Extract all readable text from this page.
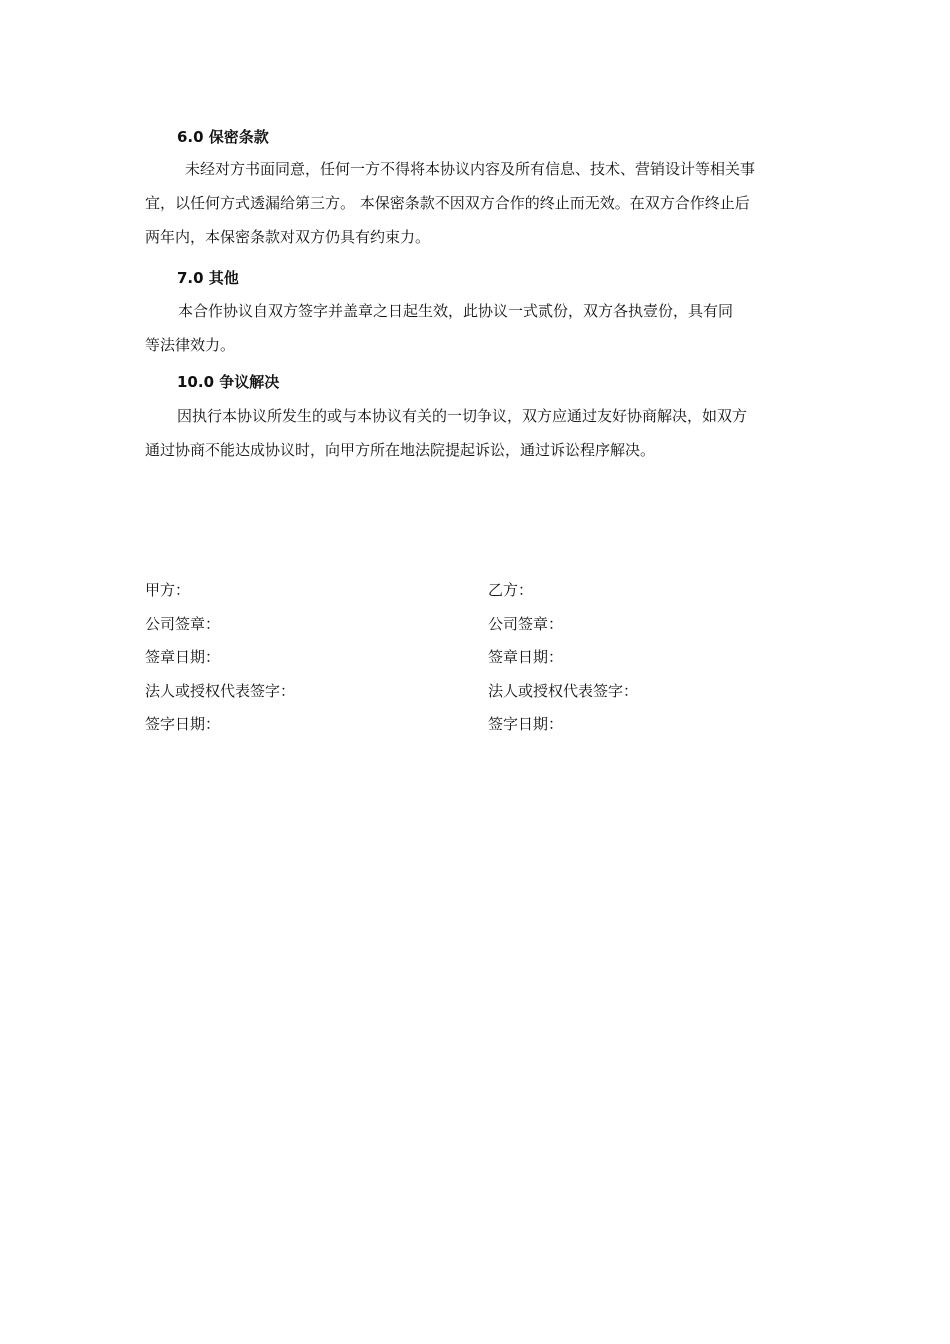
6.0 保密条款
未经对方书面同意，任何一方不得将本协议内容及所有信息、技术、营销设计等相关事
宜，以任何方式透漏给第三方。 本保密条款不因双方合作的终止而无效。在双方合作终止后
两年内，本保密条款对双方仍具有约束力。
7.0 其他
本合作协议自双方签字并盖章之日起生效，此协议一式贰份，双方各执壹份，具有同
等法律效力。
10.0 争议解决
因执行本协议所发生的或与本协议有关的一切争议，双方应通过友好协商解决，如双方
通过协商不能达成协议时，向甲方所在地法院提起诉讼，通过诉讼程序解决。
甲方：
公司签章：
签章日期：
法人或授权代表签字：
签字日期：
乙方：
公司签章：
签章日期：
法人或授权代表签字：
签字日期：
